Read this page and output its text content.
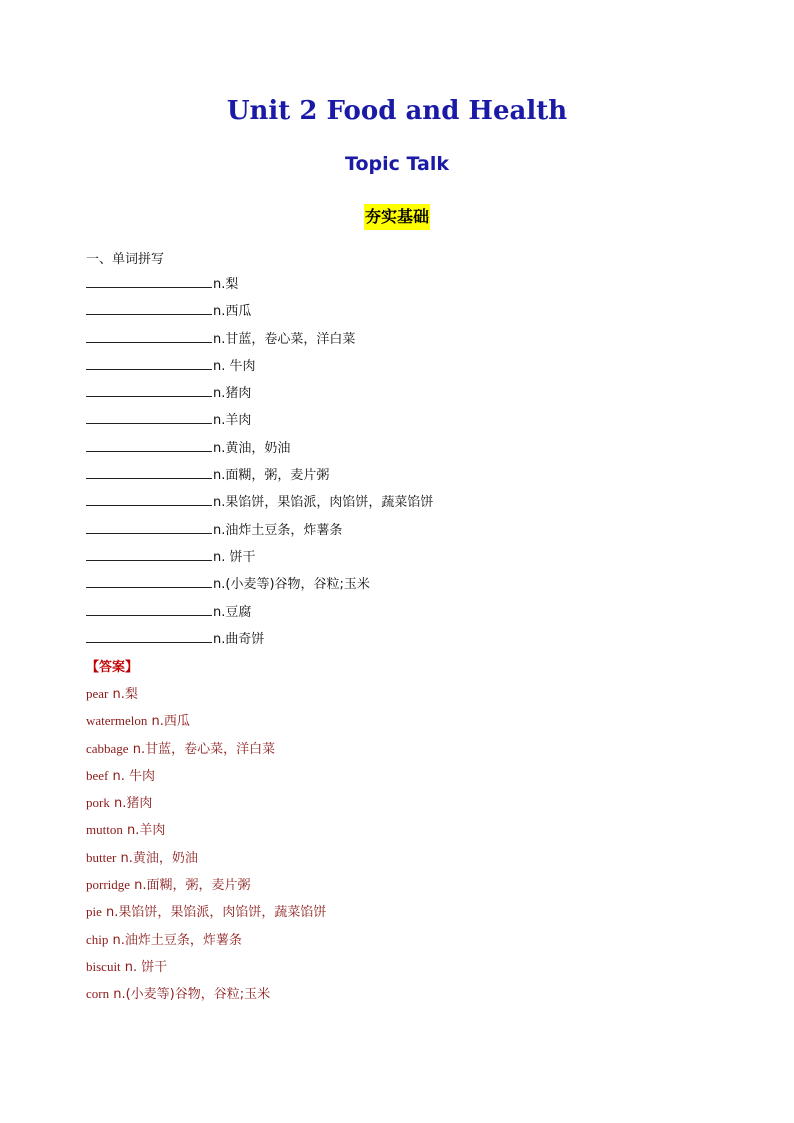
Unit 2 Food and Health
Topic Talk
夯实基础
一、单词拼写
n.梨
n.西瓜
n.甘蓝，卷心菜，洋白菜
n. 牛肉
n.猪肉
n.羊肉
n.黄油，奶油
n.面糊，粥，麦片粥
n.果馅饼，果馅派，肉馅饼，蔬菜馅饼
n.油炸土豆条，炸薯条
n. 饼干
n.(小麦等)谷物，谷粒;玉米
n.豆腐
n.曲奇饼
【答案】
pear n.梨
watermelon n.西瓜
cabbage n.甘蓝，卷心菜，洋白菜
beef n. 牛肉
pork n.猪肉
mutton n.羊肉
butter n.黄油，奶油
porridge n.面糊，粥，麦片粥
pie n.果馅饼，果馅派，肉馅饼，蔬菜馅饼
chip n.油炸土豆条，炸薯条
biscuit n. 饼干
corn n.(小麦等)谷物，谷粒;玉米
